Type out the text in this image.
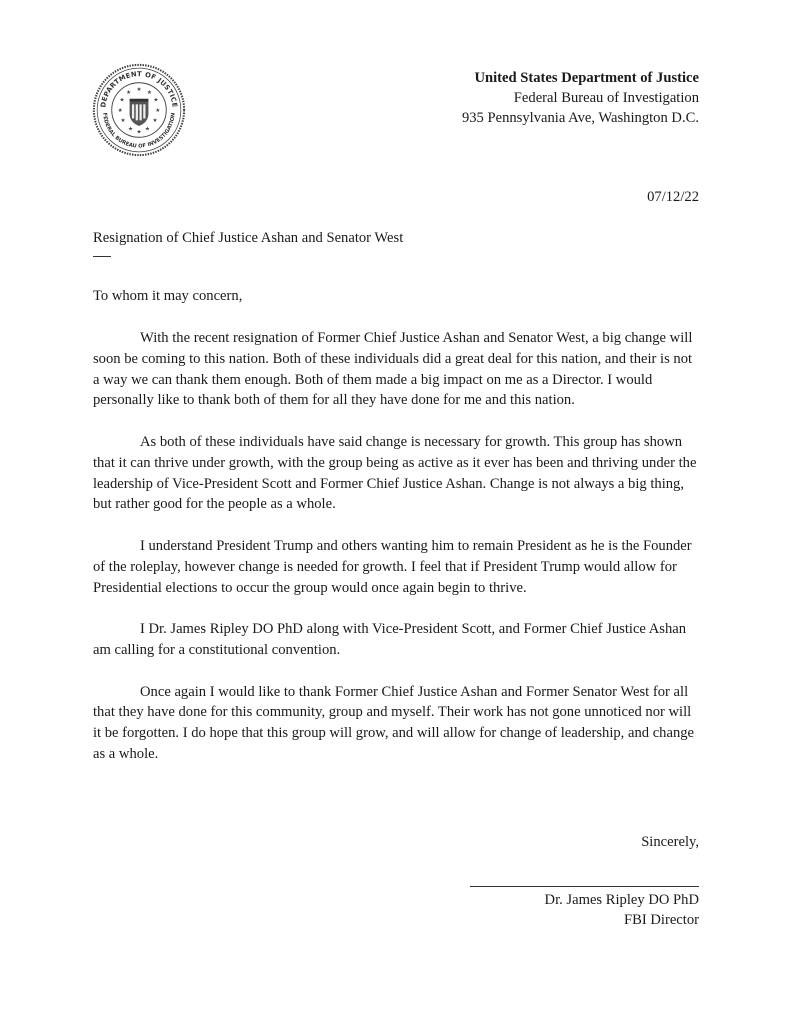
DEPARTMENT OF JUSTICE
FEDERAL BUREAU OF INVESTIGATION
★
★	★
★	★
★	★
★	★
★ ★
★
United States Department of Justice
Federal Bureau of Investigation
935 Pennsylvania Ave, Washington D.C.
07/12/22
Resignation of Chief Justice Ashan and Senator West
To whom it may concern,

With the recent resignation of Former Chief Justice Ashan and Senator West, a big change will soon be coming to this nation. Both of these individuals did a great deal for this nation, and their is not a way we can thank them enough. Both of them made a big impact on me as a Director. I would personally like to thank both of them for all they have done for me and this nation.

As both of these individuals have said change is necessary for growth. This group has shown that it can thrive under growth, with the group being as active as it ever has been and thriving under the leadership of Vice-President Scott and Former Chief Justice Ashan. Change is not always a big thing, but rather good for the people as a whole.

I understand President Trump and others wanting him to remain President as he is the Founder of the roleplay, however change is needed for growth. I feel that if President Trump would allow for Presidential elections to occur the group would once again begin to thrive.

I Dr. James Ripley DO PhD along with Vice-President Scott, and Former Chief Justice Ashan am calling for a constitutional convention.

Once again I would like to thank Former Chief Justice Ashan and Former Senator West for all that they have done for this community, group and myself. Their work has not gone unnoticed nor will it be forgotten. I do hope that this group will grow, and will allow for change of leadership, and change as a whole.

Sincerely,
Dr. James Ripley DO PhD
FBI Director
